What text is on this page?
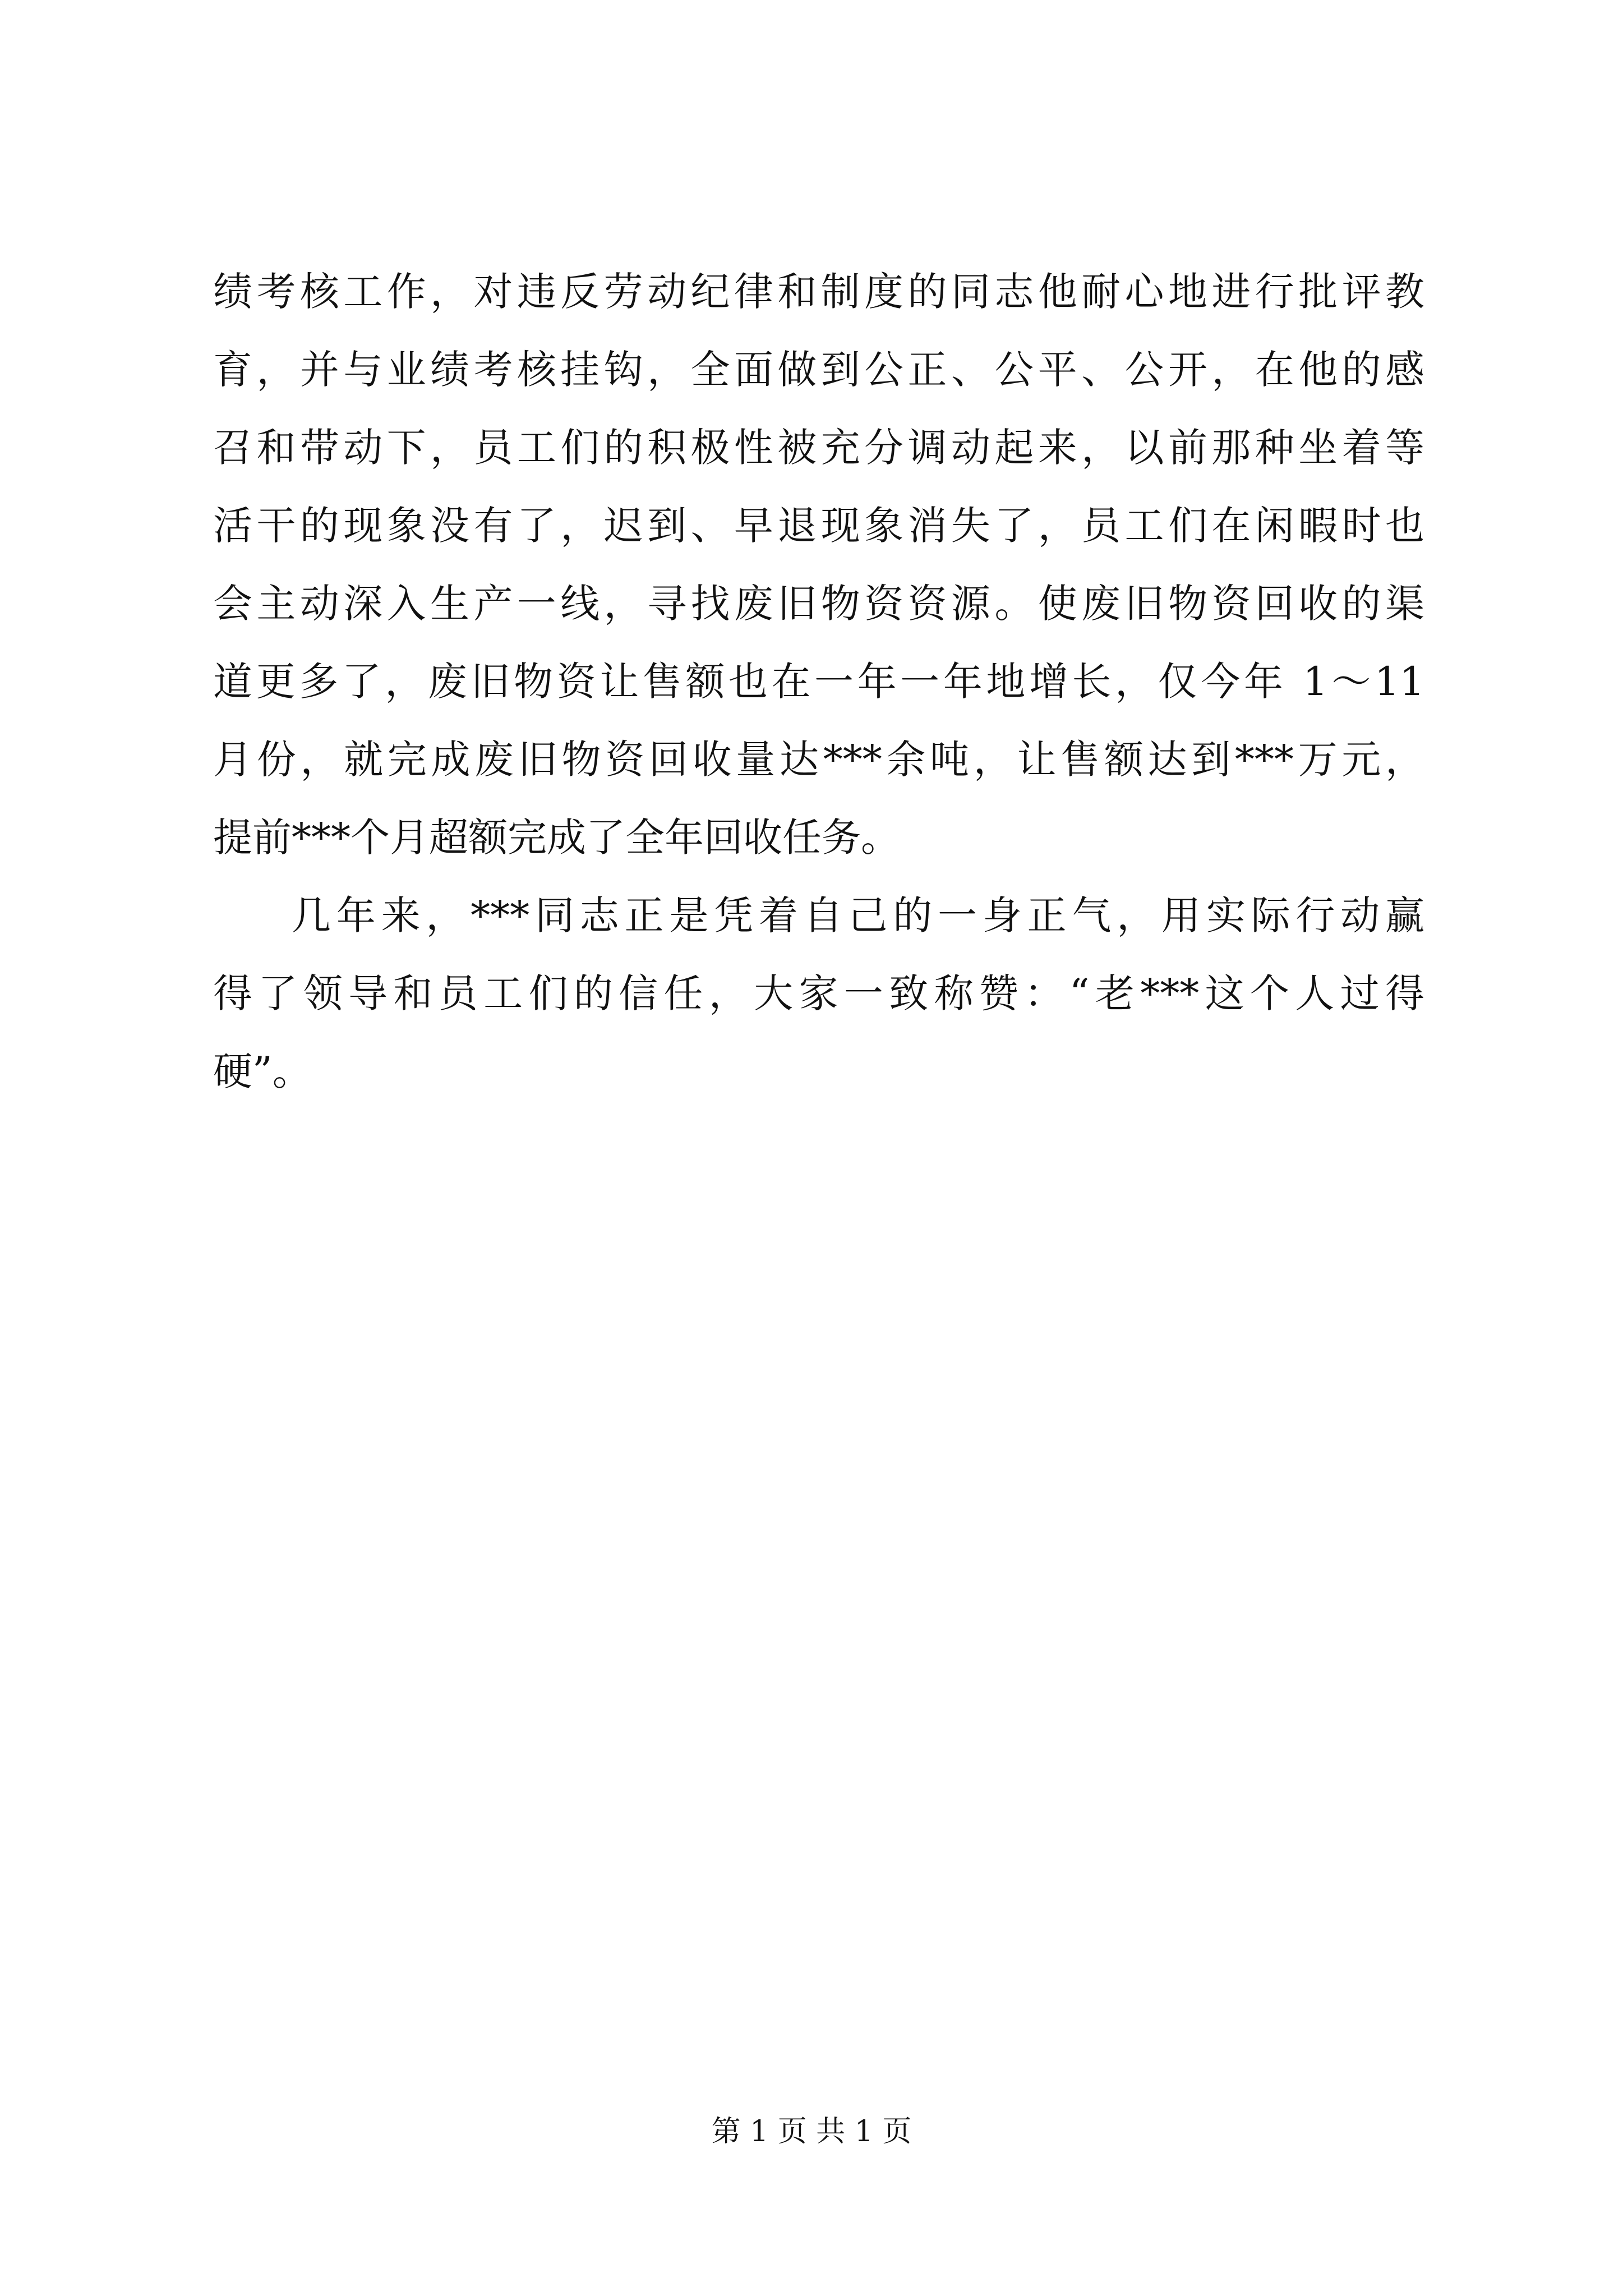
绩考核工作，对违反劳动纪律和制度的同志他耐心地进行批评教
育，并与业绩考核挂钩，全面做到公正、公平、公开，在他的感
召和带动下，员工们的积极性被充分调动起来，以前那种坐着等
活干的现象没有了，迟到、早退现象消失了，员工们在闲暇时也
会主动深入生产一线，寻找废旧物资资源。使废旧物资回收的渠
道更多了，废旧物资让售额也在一年一年地增长，仅今年 1～11
月份，就完成废旧物资回收量达***余吨，让售额达到***万元，
提前***个月超额完成了全年回收任务。
几年来，***同志正是凭着自己的一身正气，用实际行动赢
得了领导和员工们的信任，大家一致称赞：“老***这个人过得
硬”。
第 1 页 共 1 页
